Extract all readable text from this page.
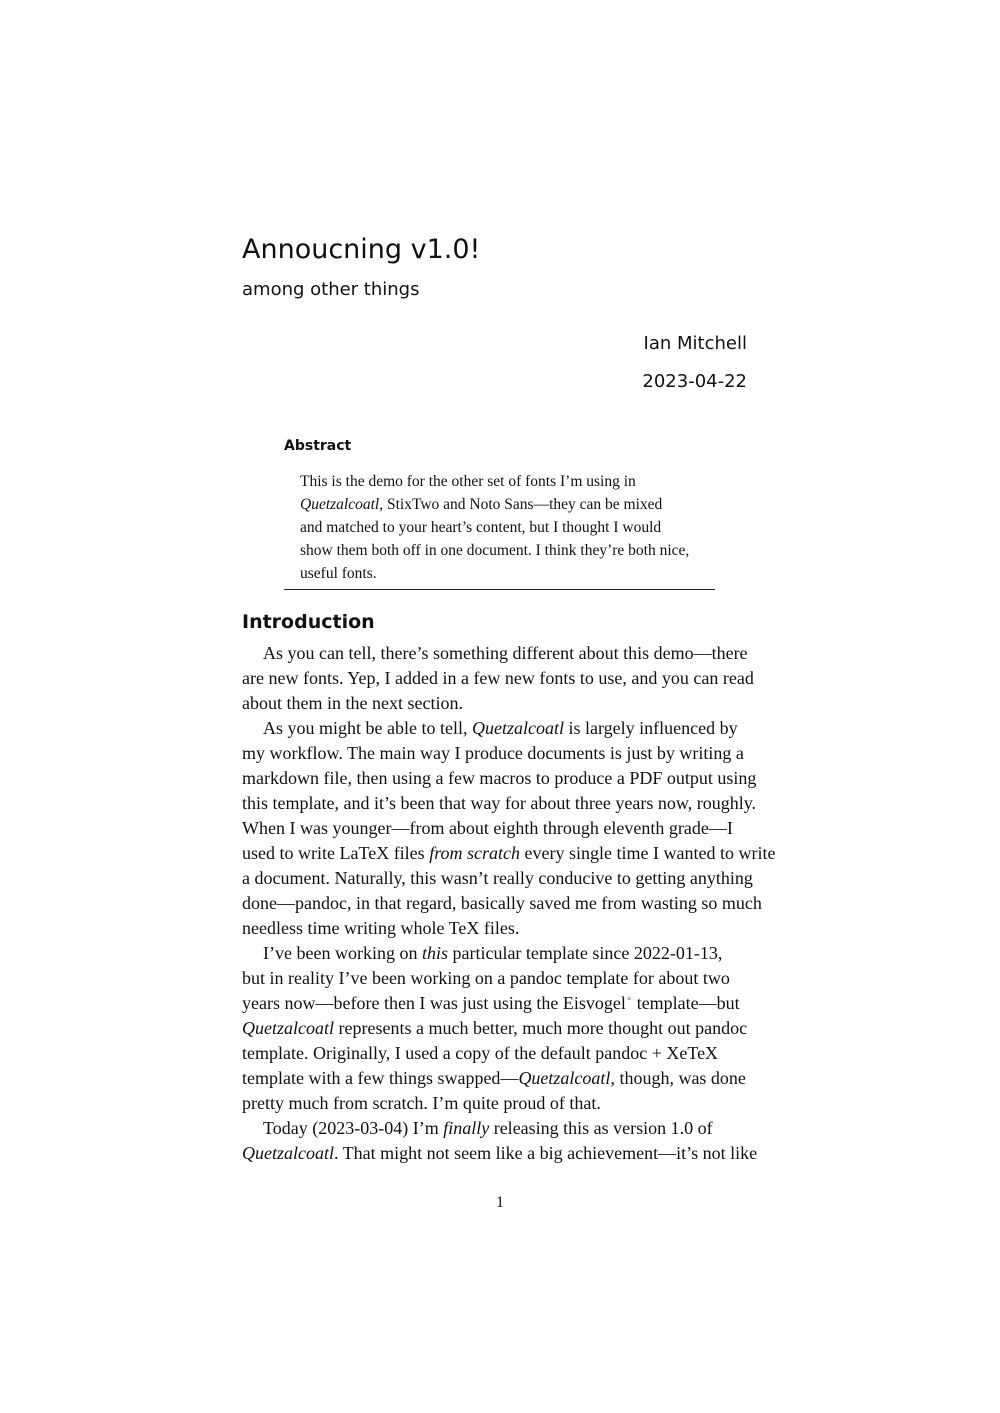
Annoucning v1.0!
among other things
Ian Mitchell
2023-04-22
Abstract
This is the demo for the other set of fonts I’m using in
Quetzalcoatl, StixTwo and Noto Sans—they can be mixed
and matched to your heart’s content, but I thought I would
show them both off in one document. I think they’re both nice,
useful fonts.
Introduction
As you can tell, there’s something different about this demo—there
are new fonts. Yep, I added in a few new fonts to use, and you can read
about them in the next section.
As you might be able to tell, Quetzalcoatl is largely influenced by
my workflow. The main way I produce documents is just by writing a
markdown file, then using a few macros to produce a PDF output using
this template, and it’s been that way for about three years now, roughly.
When I was younger—from about eighth through eleventh grade—I
used to write LaTeX files from scratch every single time I wanted to write
a document. Naturally, this wasn’t really conducive to getting anything
done—pandoc, in that regard, basically saved me from wasting so much
needless time writing whole TeX files.
I’ve been working on this particular template since 2022-01-13,
but in reality I’ve been working on a pandoc template for about two
years now—before then I was just using the Eisvogel∘ template—but
Quetzalcoatl represents a much better, much more thought out pandoc
template. Originally, I used a copy of the default pandoc + XeTeX
template with a few things swapped—Quetzalcoatl, though, was done
pretty much from scratch. I’m quite proud of that.
Today (2023-03-04) I’m finally releasing this as version 1.0 of
Quetzalcoatl. That might not seem like a big achievement—it’s not like
1
